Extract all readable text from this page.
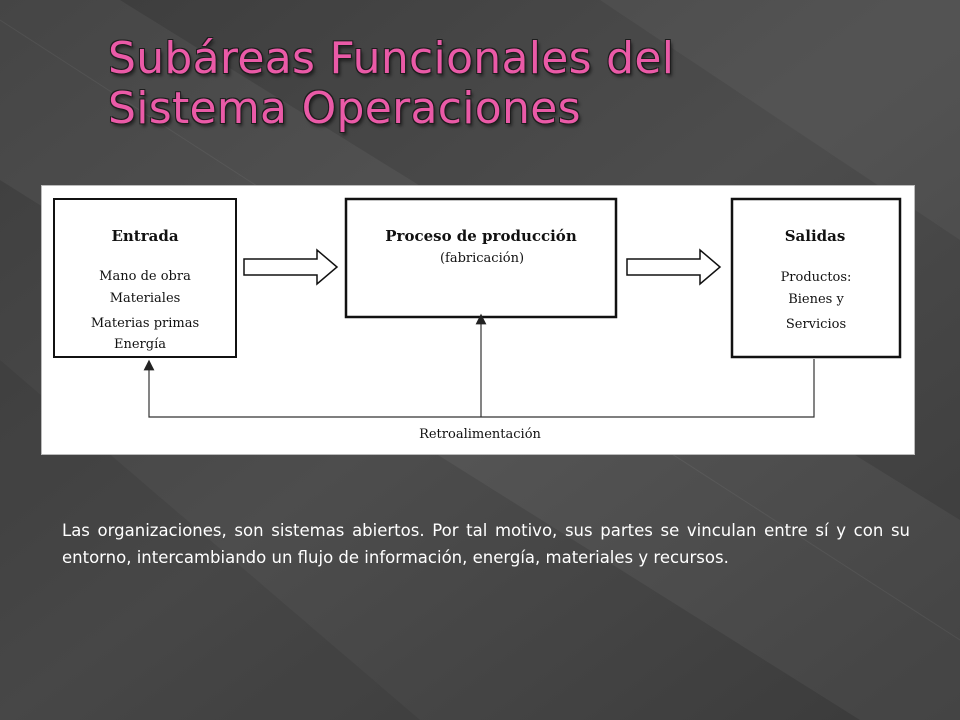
Subáreas Funcionales del
Sistema Operaciones
Entrada
Mano de obra
Materiales
Materias primas
Energía
Proceso de producción
(fabricación)
Salidas
Productos:
Bienes y
Servicios
Retroalimentación
Las organizaciones, son sistemas abiertos. Por tal motivo, sus partes se vinculan entre sí y con su entorno, intercambiando un flujo de información, energía, materiales y recursos.
